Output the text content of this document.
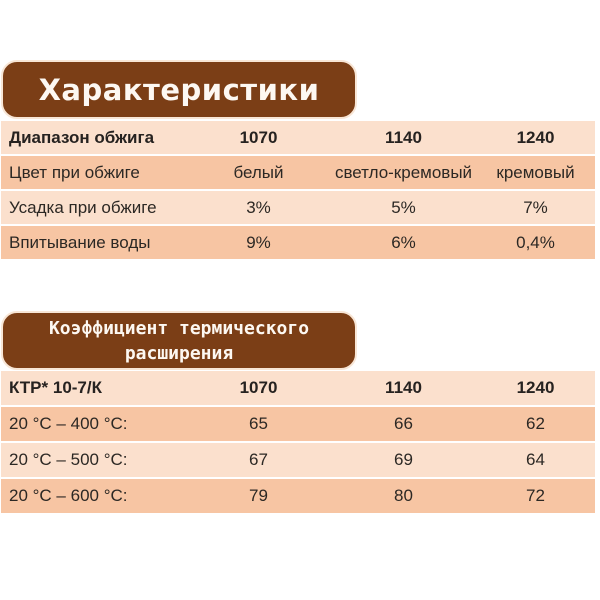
Характеристики
Диапазон обжига	1070	1140	1240
Цвет при обжиге	белый	светло-кремовый	кремовый
Усадка при обжиге	3%	5%	7%
Впитывание воды	9%	6%	0,4%
Коэффициент термического
расширения
КТР* 10-7/К	1070	1140	1240
20 °C – 400 °C:	65	66	62
20 °C – 500 °C:	67	69	64
20 °C – 600 °C:	79	80	72
